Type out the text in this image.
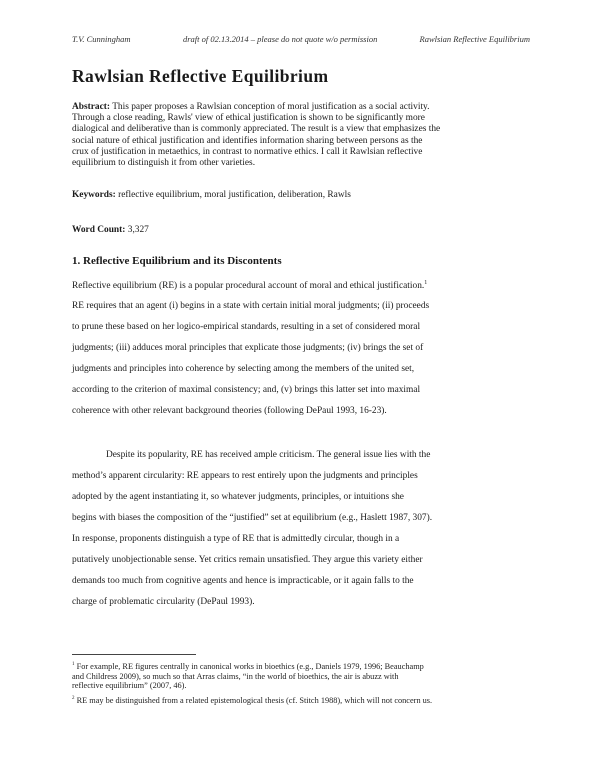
T.V. Cunningham	draft of 02.13.2014 – please do not quote w/o permission	Rawlsian Reflective Equilibrium
Rawlsian Reflective Equilibrium
Abstract: This paper proposes a Rawlsian conception of moral justification as a social activity.
Through a close reading, Rawls' view of ethical justification is shown to be significantly more
dialogical and deliberative than is commonly appreciated. The result is a view that emphasizes the
social nature of ethical justification and identifies information sharing between persons as the
crux of justification in metaethics, in contrast to normative ethics. I call it Rawlsian reflective
equilibrium to distinguish it from other varieties.
Keywords: reflective equilibrium, moral justification, deliberation, Rawls
Word Count: 3,327
1. Reflective Equilibrium and its Discontents
Reflective equilibrium (RE) is a popular procedural account of moral and ethical justification.$^1$
RE requires that an agent (i) begins in a state with certain initial moral judgments; (ii) proceeds
to prune these based on her logico-empirical standards, resulting in a set of considered moral
judgments; (iii) adduces moral principles that explicate those judgments; (iv) brings the set of
judgments and principles into coherence by selecting among the members of the united set,
according to the criterion of maximal consistency; and, (v) brings this latter set into maximal
coherence with other relevant background theories (following DePaul 1993, 16-23).
Despite its popularity, RE has received ample criticism. The general issue lies with the
method’s apparent circularity: RE appears to rest entirely upon the judgments and principles
adopted by the agent instantiating it, so whatever judgments, principles, or intuitions she
begins with biases the composition of the “justified” set at equilibrium (e.g., Haslett 1987, 307).
In response, proponents distinguish a type of RE that is admittedly circular, though in a
putatively unobjectionable sense. Yet critics remain unsatisfied. They argue this variety either
demands too much from cognitive agents and hence is impracticable, or it again falls to the
charge of problematic circularity (DePaul 1993).
$^1$ For example, RE figures centrally in canonical works in bioethics (e.g., Daniels 1979, 1996; Beauchamp
and Childress 2009), so much so that Arras claims, “in the world of bioethics, the air is abuzz with
reflective equilibrium” (2007, 46).
$^2$ RE may be distinguished from a related epistemological thesis (cf. Stitch 1988), which will not concern us.
